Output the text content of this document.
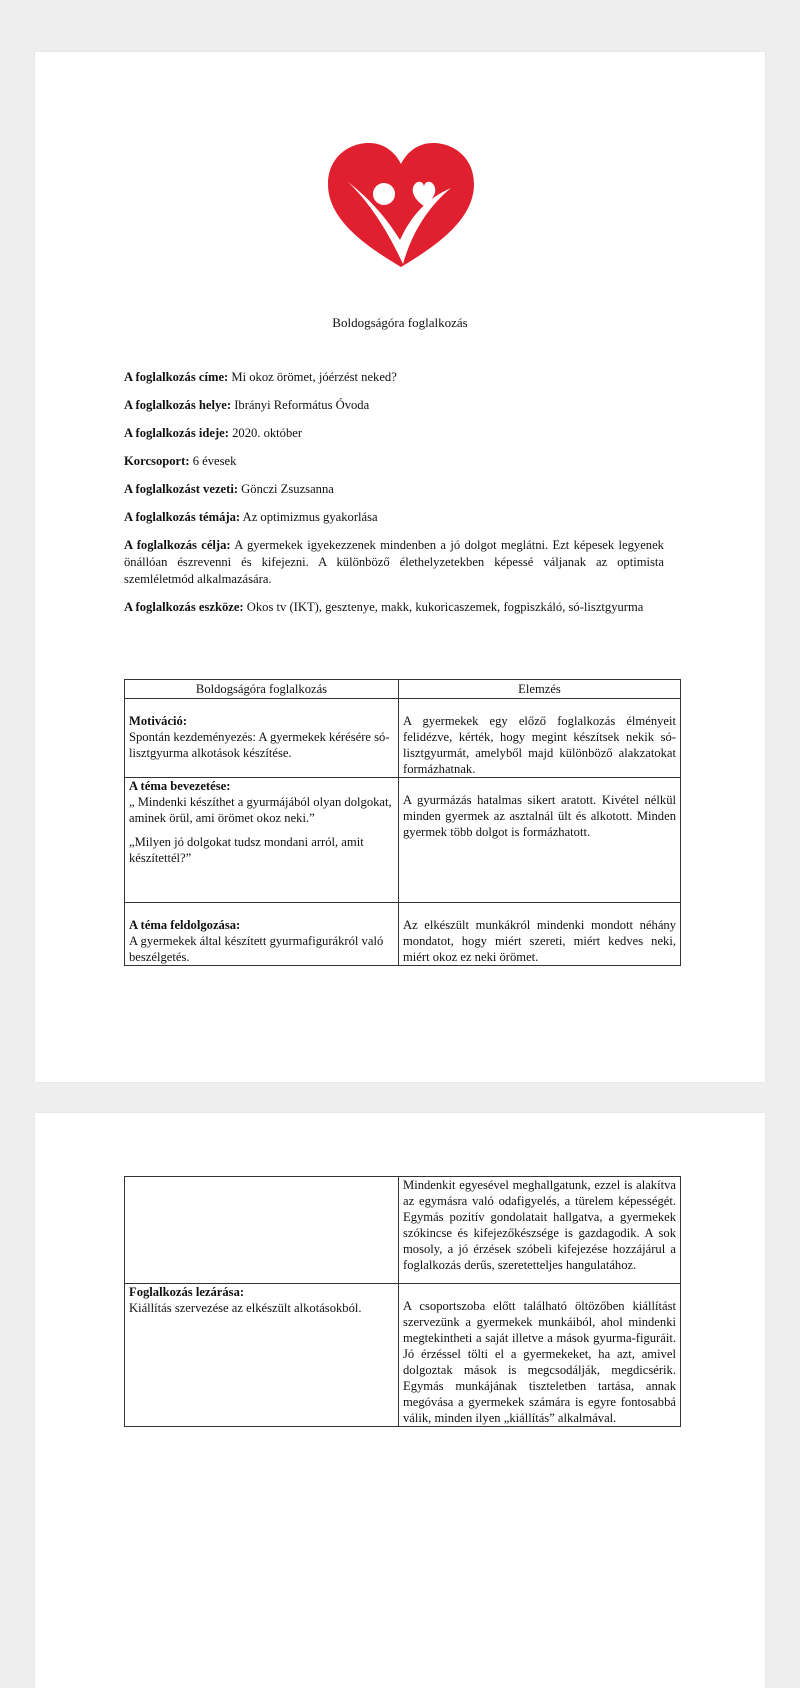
Boldogságóra foglalkozás
A foglalkozás címe: Mi okoz örömet, jóérzést neked?
A foglalkozás helye: Ibrányi Református Óvoda
A foglalkozás ideje: 2020. október
Korcsoport: 6 évesek
A foglalkozást vezeti: Gönczi Zsuzsanna
A foglalkozás témája: Az optimizmus gyakorlása
A foglalkozás célja: A gyermekek igyekezzenek mindenben a jó dolgot meglátni. Ezt képesek legyenek önállóan észrevenni és kifejezni. A különböző élethelyzetekben képessé váljanak az optimista szemléletmód alkalmazására.
A foglalkozás eszköze: Okos tv (IKT), gesztenye, makk, kukoricaszemek, fogpiszkáló, só-lisztgyurma
Boldogságóra foglalkozás	Elemzés

Motiváció:
Spontán kezdeményezés: A gyermekek kérésére só-lisztgyurma alkotások készítése.	A gyermekek egy előző foglalkozás élményeit felidézve, kérték, hogy megint készítsek nekik só-lisztgyurmát, amelyből majd különböző alakzatokat formázhatnak.

A téma bevezetése:
„ Mindenki készíthet a gyurmájából olyan dolgokat, aminek örül, ami örömet okoz neki.”
„Milyen jó dolgokat tudsz mondani arról, amit készítettél?”	A gyurmázás hatalmas sikert aratott. Kivétel nélkül minden gyermek az asztalnál ült és alkotott. Minden gyermek több dolgot is formázhatott.

A téma feldolgozása:
A gyermekek által készített gyurmafigurákról való beszélgetés.	Az elkészült munkákról mindenki mondott néhány mondatot, hogy miért szereti, miért kedves neki, miért okoz ez neki örömet.

	Mindenkit egyesével meghallgatunk, ezzel is alakítva az egymásra való odafigyelés, a türelem képességét. Egymás pozitív gondolatait hallgatva, a gyermekek szókincse és kifejezőkészsége is gazdagodik. A sok mosoly, a jó érzések szóbeli kifejezése hozzájárul a foglalkozás derűs, szeretetteljes hangulatához.

Foglalkozás lezárása:
Kiállítás szervezése az elkészült alkotásokból.	A csoportszoba előtt található öltözőben kiállítást szervezünk a gyermekek munkáiból, ahol mindenki megtekintheti a saját illetve a mások gyurma-figuráit. Jó érzéssel tölti el a gyermekeket, ha azt, amivel dolgoztak mások is megcsodálják, megdicsérik. Egymás munkájának tiszteletben tartása, annak megóvása a gyermekek számára is egyre fontosabbá válik, minden ilyen „kiállítás” alkalmával.
